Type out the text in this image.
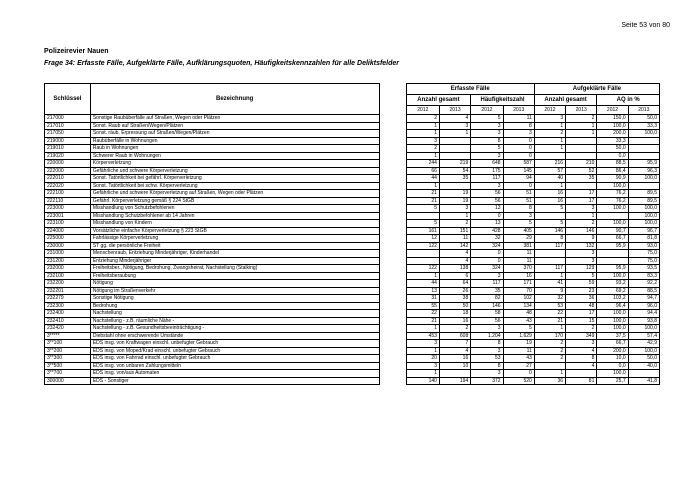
Seite 53 von 80
Polizeirevier Nauen
Frage 34: Erfasste Fälle, Aufgeklärte Fälle, Aufklärungsquoten, Häufigkeitskennzahlen für alle Deliktsfelder
Schlüssel	Bezeichnung		Erfasste Fälle				Aufgeklärte Fälle			
			Anzahl gesamt		Häufigkeitszahl		Anzahl gesamt		AQ in %	
			2012	2013	2012	2013	2012	2013	2012	2013
217000	Sonstige Raubüberfälle auf Straßen, Wegen oder Plätzen		2	4	5	11	3	2	150,0	50,0
217010	Sonst. Raub auf Straßen/Wegen/Plätzen		1	3	3	8	1	1	100,0	33,3
217050	Sonst. räub. Erpressung auf Straßen/Wegen/Plätzen		1	1	3	3	2	1	200,0	100,0
219000	Raubüberfälle in Wohnungen		3		8	0	1		33,3	
219010	Raub in Wohnungen		2		5	0	1		50,0	
219020	Schwerer Raub in Wohnungen		1		3	0			0,0	
220000	Körperverletzung		244	219	648	587	216	210	88,5	95,9
222000	Gefährliche und schwere Körperverletzung		66	54	175	145	57	52	86,4	96,3
222010	Sonst. Tatörtlichkeit bei gefährl. Körperverletzung		44	35	117	94	40	35	90,9	100,0
222020	Sonst. Tatörtlichkeit bei schw. Körperverletzung		1		3	0	1		100,0	
222100	Gefährliche und schwere Körperverletzung auf Straßen, Wegen oder Plätzen		21	19	56	51	16	17	76,2	89,5
222110	Gefährl. Körperverletzung gemäß § 224 StGB		21	19	56	51	16	17	76,2	89,5
223000	Misshandlung von Schutzbefohlenen		5	3	13	8	5	3	100,0	100,0
223001	Misshandlung Schutzbefohlener ab 14 Jahren			1	0	3		1		100,0
223100	Misshandlung von Kindern		5	2	13	5	5	2	100,0	100,0
224000	Vorsätzliche einfache Körperverletzung § 223 StGB		161	151	428	405	146	146	90,7	96,7
225000	Fahrlässige Körperverletzung		12	11	32	29	8	9	66,7	81,8
230000	ST gg. die persönliche Freiheit		122	142	324	381	117	132	95,9	93,0
231000	Menschenraub, Entziehung Minderjähriger, Kinderhandel			4	0	11		3		75,0
231200	Entziehung Minderjähriger			4	0	11		3		75,0
232000	Freiheitsber., Nötigung, Bedrohung, Zwangsheirat, Nachstellung (Stalking)		122	138	324	370	117	129	95,9	93,5
232100	Freiheitsberaubung		1	6	3	16	1	5	100,0	83,3
232200	Nötigung		44	64	117	171	41	59	93,2	92,2
232201	Nötigung im Straßenverkehr		13	26	35	70	9	23	69,2	88,5
232279	Sonstige Nötigung		31	38	82	102	32	36	103,2	94,7
232300	Bedrohung		55	50	146	134	53	48	96,4	96,0
232400	Nachstellung		22	18	58	48	22	17	100,0	94,4
232410	Nachstellung - z.B. räumliche Nähe -		21	16	56	43	21	15	100,0	93,8
232420	Nachstellung - z.B. Gesundheitsbeeinträchtigung -		1	2	3	5	1	2	100,0	100,0
3*****	Diebstahl ohne erschwerende Umstände		453	608	1.204	1.629	170	349	37,5	57,4
3**100	EDS insg. von Kraftwagen einschl. unbefugter Gebrauch		3	7	8	19	2	3	66,7	42,9
3**200	EDS insg. von Moped/Krad einschl. unbefugter Gebrauch		1	4	3	11	2	4	200,0	100,0
3**300	EDS insg. von Fahrrad einschl. unbefugter Gebrauch		20	16	53	43	2	8	10,0	50,0
3**500	EDS insg. von unbaren Zahlungsmitteln		3	10	8	27		4	0,0	40,0
3**700	EDS insg. von/aus Automaten		1		3	0	1		100,0	
300000	EDS - Sonstiger		140	194	372	520	36	81	25,7	41,8
